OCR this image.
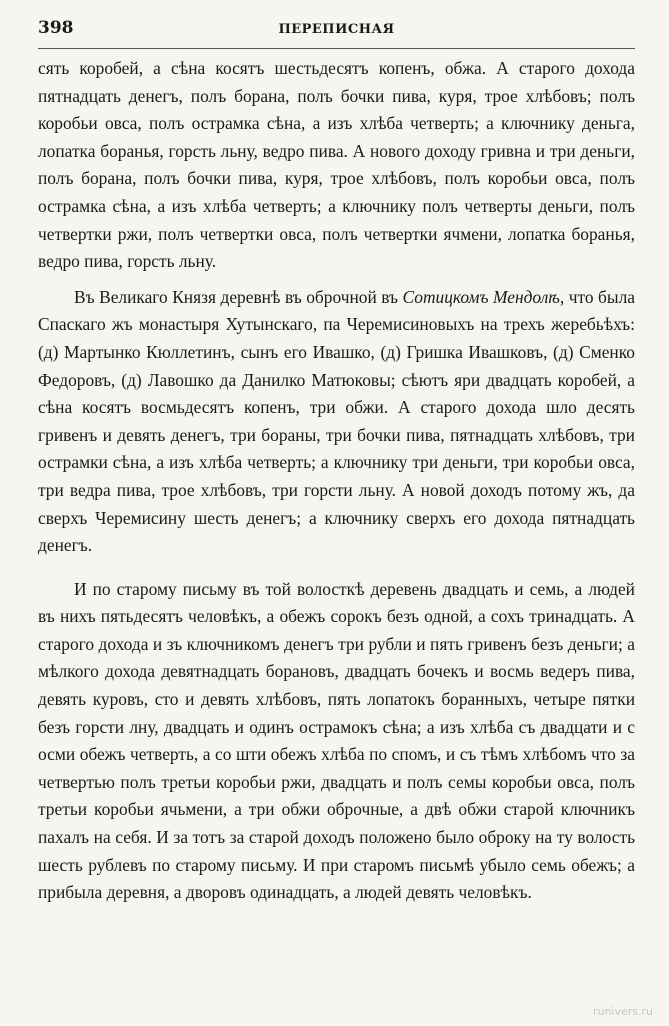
398	ПЕРЕПИСНАЯ

сять коробей, а сѣна косятъ шестьдесятъ копенъ, обжа. А старого дохода пятнадцать денегъ, полъ борана, полъ бочки пива, куря, трое хлѣбовъ; полъ коробьи овса, полъ острамка сѣна, а изъ хлѣба четверть; а ключнику деньга, лопатка боранья, горсть льну, ведро пива. А нового доходу гривна и три деньги, полъ борана, полъ бочки пива, куря, трое хлѣбовъ, полъ коробьи овса, полъ острамка сѣна, а изъ хлѣба четверть; а ключнику полъ четверты деньги, полъ четвертки ржи, полъ четвертки овса, полъ четвертки ячмени, лопатка боранья, ведро пива, горсть льну.

Въ Великаго Князя деревнѣ въ оброчной въ Сотицкомъ Мендолѣ, что была Спаскаго жъ монастыря Хутынскаго, па Черемисиновыхъ на трехъ жеребьѣхъ: (д) Мартынко Кюллетинъ, сынъ его Ивашко, (д) Гришка Ивашковъ, (д) Сменко Федоровъ, (д) Лавошко да Данилко Матюковы; сѣютъ яри двадцать коробей, а сѣна косятъ восмьдесятъ копенъ, три обжи. А старого дохода шло десять гривенъ и девять денегъ, три бораны, три бочки пива, пятнадцать хлѣбовъ, три острамки сѣна, а изъ хлѣба четверть; а ключнику три деньги, три коробьи овса, три ведра пива, трое хлѣбовъ, три горсти льну. А новой доходъ потому жъ, да сверхъ Черемисину шесть денегъ; а ключнику сверхъ его дохода пятнадцать денегъ.

И по старому письму въ той волосткѣ деревень двадцать и семь, а людей въ нихъ пятьдесятъ человѣкъ, а обежъ сорокъ безъ одной, а сохъ тринадцать. А старого дохода и зъ ключникомъ денегъ три рубли и пять гривенъ безъ деньги; а мѣлкого дохода девятнадцать борановъ, двадцать бочекъ и восмь ведеръ пива, девять куровъ, сто и девять хлѣбовъ, пять лопатокъ боранныхъ, четыре пятки безъ горсти лну, двадцать и одинъ острамокъ сѣна; а изъ хлѣба съ двадцати и с осми обежъ четверть, а со шти обежъ хлѣба по спомъ, и съ тѣмъ хлѣбомъ что за четвертью полъ третьи коробьи ржи, двадцать и полъ семы коробьи овса, полъ третьи коробьи ячьмени, а три обжи оброчные, а двѣ обжи старой ключникъ пахалъ на себя. И за тотъ за старой доходъ положено было оброку на ту волость шесть рублевъ по старому письму. И при старомъ письмѣ убыло семь обежъ; а прибыла деревня, а дворовъ одинадцать, а людей девять человѣкъ.

runivers.ru
